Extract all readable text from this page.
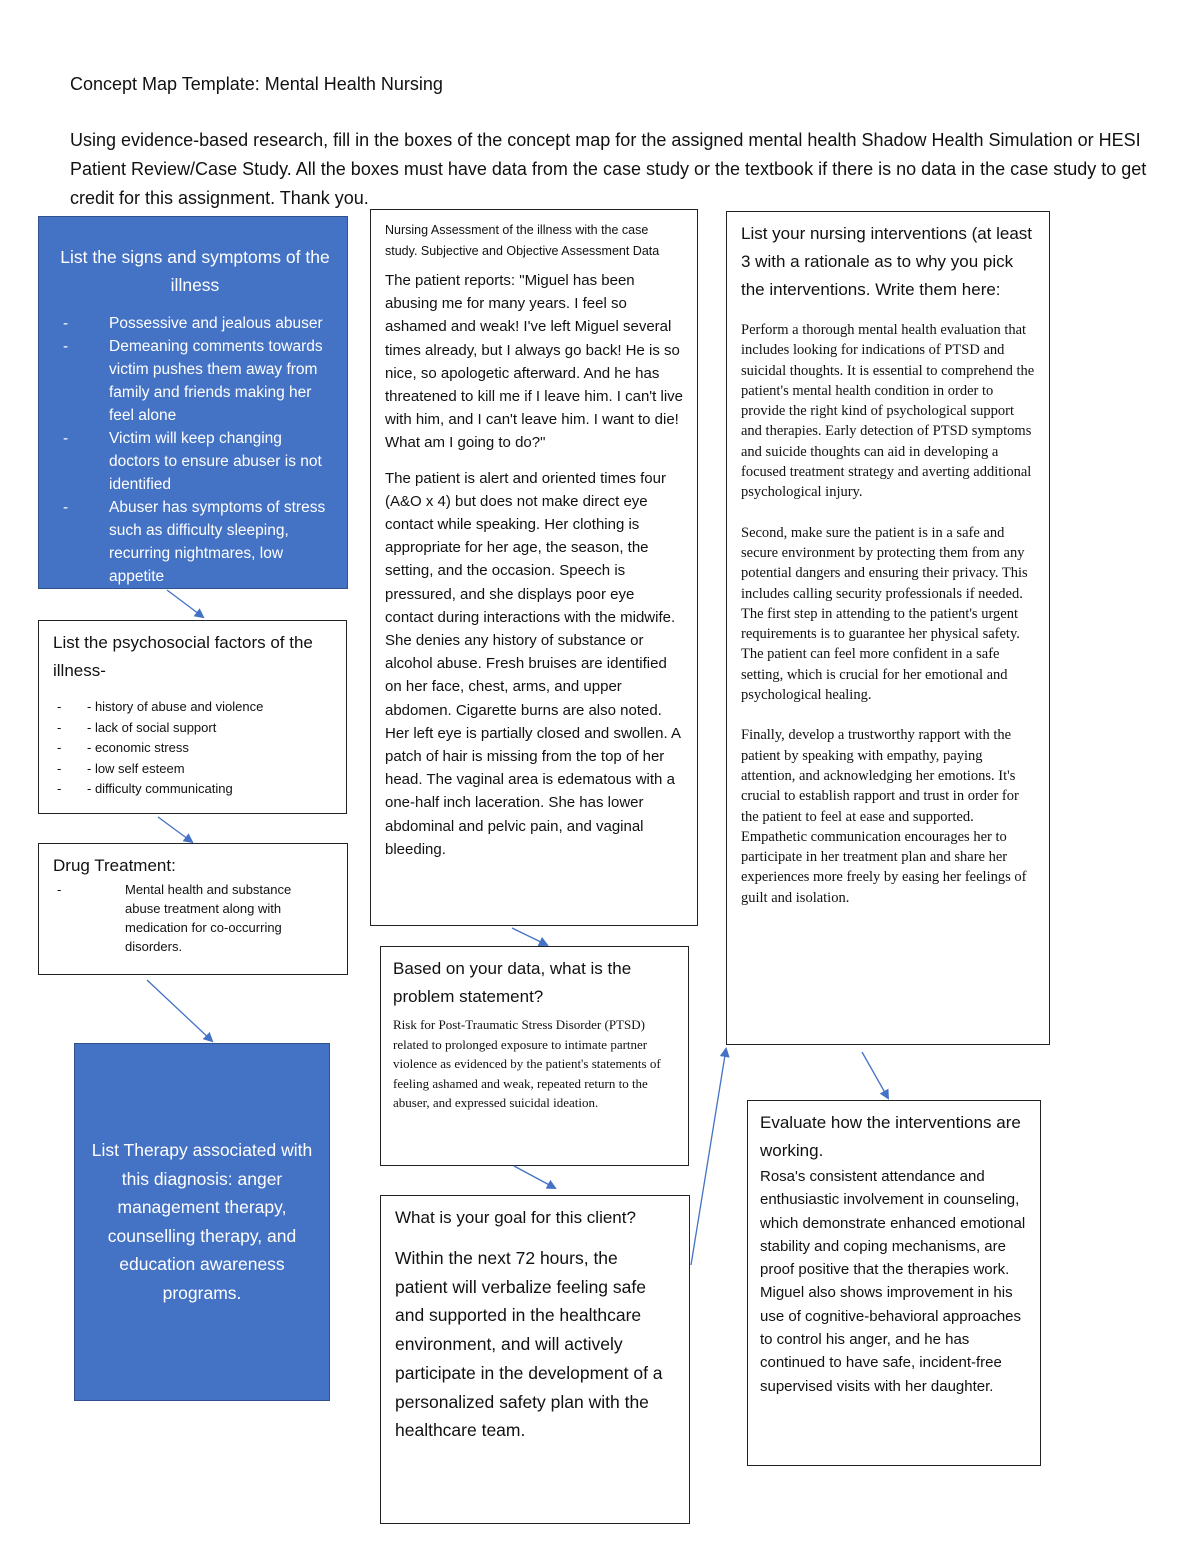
Concept Map Template: Mental Health Nursing
Using evidence-based research, fill in the boxes of the concept map for the assigned mental health Shadow Health Simulation or HESI Patient Review/Case Study. All the boxes must have data from the case study or the textbook if there is no data in the case study to get credit for this assignment. Thank you.
List the signs and symptoms of the illness
- Possessive and jealous abuser
- Demeaning comments towards victim pushes them away from family and friends making her feel alone
- Victim will keep changing doctors to ensure abuser is not identified
- Abuser has symptoms of stress such as difficulty sleeping, recurring nightmares, low appetite
List the psychosocial factors of the illness-
- - history of abuse and violence
- - lack of social support
- - economic stress
- - low self esteem
- - difficulty communicating
Drug Treatment:
- Mental health and substance abuse treatment along with medication for co-occurring disorders.
List Therapy associated with this diagnosis: anger management therapy, counselling therapy, and education awareness programs.
Nursing Assessment of the illness with the case study. Subjective and Objective Assessment Data

The patient reports: "Miguel has been abusing me for many years. I feel so ashamed and weak! I've left Miguel several times already, but I always go back! He is so nice, so apologetic afterward. And he has threatened to kill me if I leave him. I can't live with him, and I can't leave him. I want to die! What am I going to do?"

The patient is alert and oriented times four (A&O x 4) but does not make direct eye contact while speaking. Her clothing is appropriate for her age, the season, the setting, and the occasion. Speech is pressured, and she displays poor eye contact during interactions with the midwife. She denies any history of substance or alcohol abuse. Fresh bruises are identified on her face, chest, arms, and upper abdomen. Cigarette burns are also noted. Her left eye is partially closed and swollen. A patch of hair is missing from the top of her head. The vaginal area is edematous with a one-half inch laceration. She has lower abdominal and pelvic pain, and vaginal bleeding.

Based on your data, what is the problem statement?

Risk for Post-Traumatic Stress Disorder (PTSD) related to prolonged exposure to intimate partner violence as evidenced by the patient's statements of feeling ashamed and weak, repeated return to the abuser, and expressed suicidal ideation.

What is your goal for this client?

Within the next 72 hours, the patient will verbalize feeling safe and supported in the healthcare environment, and will actively participate in the development of a personalized safety plan with the healthcare team.

List your nursing interventions (at least 3 with a rationale as to why you pick the interventions. Write them here:

Perform a thorough mental health evaluation that includes looking for indications of PTSD and suicidal thoughts. It is essential to comprehend the patient's mental health condition in order to provide the right kind of psychological support and therapies. Early detection of PTSD symptoms and suicide thoughts can aid in developing a focused treatment strategy and averting additional psychological injury.

Second, make sure the patient is in a safe and secure environment by protecting them from any potential dangers and ensuring their privacy. This includes calling security professionals if needed. The first step in attending to the patient's urgent requirements is to guarantee her physical safety. The patient can feel more confident in a safe setting, which is crucial for her emotional and psychological healing.

Finally, develop a trustworthy rapport with the patient by speaking with empathy, paying attention, and acknowledging her emotions. It's crucial to establish rapport and trust in order for the patient to feel at ease and supported. Empathetic communication encourages her to participate in her treatment plan and share her experiences more freely by easing her feelings of guilt and isolation.

Evaluate how the interventions are working.

Rosa's consistent attendance and enthusiastic involvement in counseling, which demonstrate enhanced emotional stability and coping mechanisms, are proof positive that the therapies work. Miguel also shows improvement in his use of cognitive-behavioral approaches to control his anger, and he has continued to have safe, incident-free supervised visits with her daughter.
